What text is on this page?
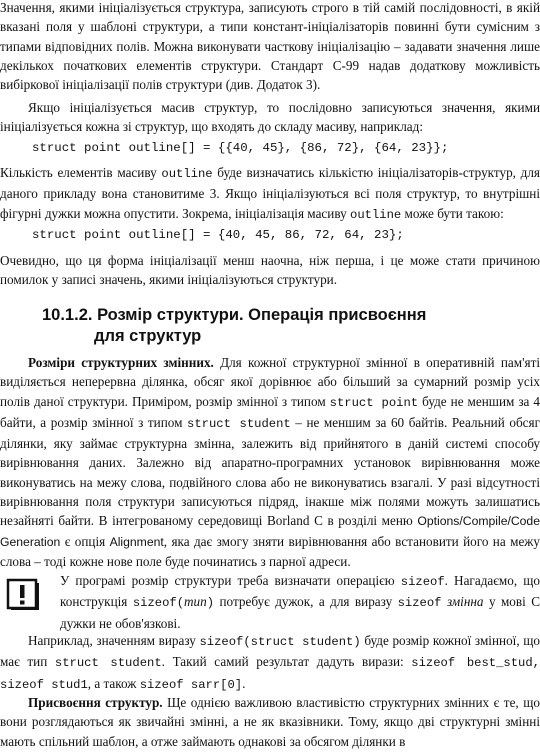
Значення, якими ініціалізується структура, записують строго в тій самій послідовності, в якій вказані поля у шаблоні структури, а типи констант-ініціалізаторів повинні бути сумісним з типами відповідних полів. Можна виконувати часткову ініціалізацію – задавати значення лише декількох початкових елементів структури. Стандарт С-99 надав додаткову можливість вибіркової ініціалізації полів структури (див. Додаток 3).
Якщо ініціалізується масив структур, то послідовно записуються значення, якими ініціалізується кожна зі структур, що входять до складу масиву, наприклад:
struct point outline[] = {{40, 45}, {86, 72}, {64, 23}};
Кількість елементів масиву outline буде визначатись кількістю ініціалізаторів-структур, для даного прикладу вона становитиме 3. Якщо ініціалізуються всі поля структур, то внутрішні фігурні дужки можна опустити. Зокрема, ініціалізація масиву outline може бути такою:
struct point outline[] = {40, 45, 86, 72, 64, 23};
Очевидно, що ця форма ініціалізації менш наочна, ніж перша, і це може стати причиною помилок у записі значень, якими ініціалізуються структури.
10.1.2. Розмір структури. Операція присвоєння
для структур
Розміри структурних змінних. Для кожної структурної змінної в оперативній пам'яті виділяється неперервна ділянка, обсяг якої дорівнює або більший за сумарний розмір усіх полів даної структури. Приміром, розмір змінної з типом struct point буде не меншим за 4 байти, а розмір змінної з типом struct student – не меншим за 60 байтів. Реальний обсяг ділянки, яку займає структурна змінна, залежить від прийнятого в даній системі способу вирівнювання даних. Залежно від апаратно-програмних установок вирівнювання може виконуватись на межу слова, подвійного слова або не виконуватись взагалі. У разі відсутності вирівнювання поля структури записуються підряд, інакше між полями можуть залишатись незайняті байти. В інтегрованому середовищі Borland C в розділі меню Options/Compile/Code Generation є опція Alignment, яка дає змогу зняти вирівнювання або встановити його на межу слова – тоді кожне нове поле буде починатись з парної адреси.
У програмі розмір структури треба визначати операцією sizeof. Нагадаємо, що конструкція sizeof(тип) потребує дужок, а для виразу sizeof змінна у мові C дужки не обов'язкові.
Наприклад, значенням виразу sizeof(struct student) буде розмір кожної змінної, що має тип struct student. Такий самий результат дадуть вирази: sizeof best_stud, sizeof stud1, а також sizeof sarr[0].
Присвоєння структур. Ще однією важливою властивістю структурних змінних є те, що вони розглядаються як звичайні змінні, а не як вказівники. Тому, якщо дві структурні змінні мають спільний шаблон, а отже займають однакові за обсягом ділянки в
